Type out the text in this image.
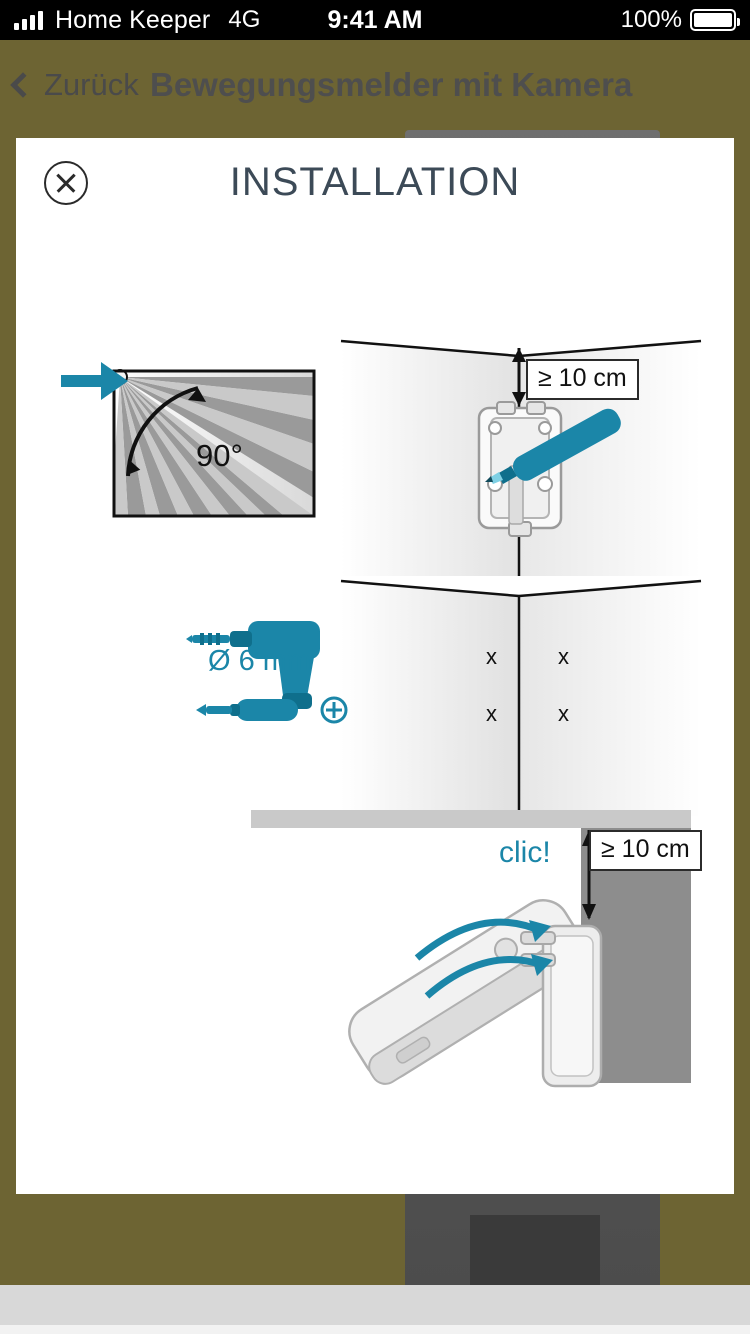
Home Keeper 4G	9:41 AM	100%
Zurück Bewegungsmelder mit Kamera
INSTALLATION
90°
≥ 10 cm
x	x
x	x
Ø 6 mm
≥ 10 cm
clic!
